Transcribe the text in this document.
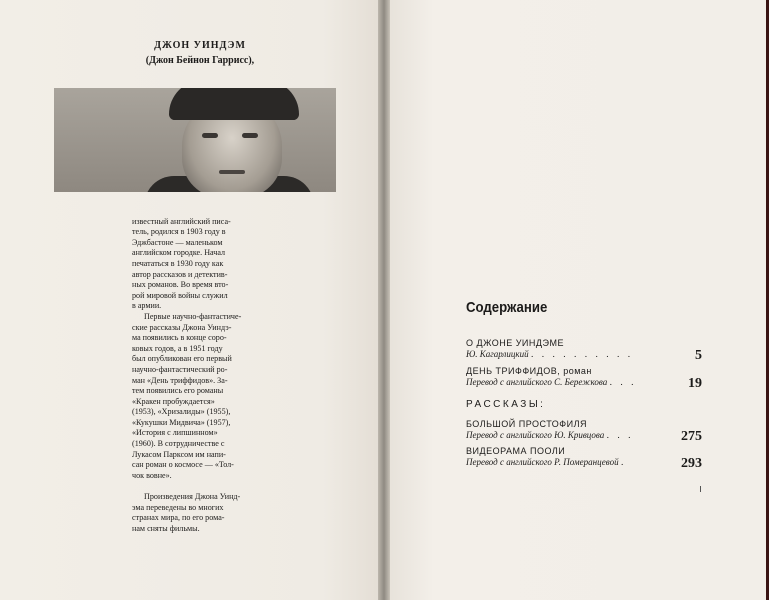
ДЖОН УИНДЭМ
(Джон Бейнон Гаррисс),

известный английский писа-
тель, родился в 1903 году в
Эджбастоне — маленьком
английском городке. Начал
печататься в 1930 году как
автор рассказов и детектив-
ных романов. Во время вто-
рой мировой войны служил
в армии.

Первые научно-фантастиче-
ские рассказы Джона Уиндэ-
ма появились в конце соро-
ковых годов, а в 1951 году
был опубликован его первый
научно-фантастический ро-
ман «День триффидов». За-
тем появились его романы
«Кракен пробуждается»
(1953), «Хризалиды» (1955),
«Кукушки Мидвича» (1957),
«История с липшинном»
(1960). В сотрудничестве с
Лукасом Парксом им напи-
сан роман о космосе — «Тол-
чок вовне».

Произведения Джона Уинд-
эма переведены во многих
странах мира, по его рома-
нам сняты фильмы.

Содержание
О ДЖОНЕ УИНДЭМЕ
Ю. Кагарлицкий . . . . . . . . . .	5
ДЕНЬ ТРИФФИДОВ, роман
Перевод с английского С. Бережкова . . .	19
РАССКАЗЫ:
БОЛЬШОЙ ПРОСТОФИЛЯ
Перевод с английского Ю. Кривцова . . .	275
ВИДЕОРАМА ПООЛИ
Перевод с английского Р. Померанцевой .	293
